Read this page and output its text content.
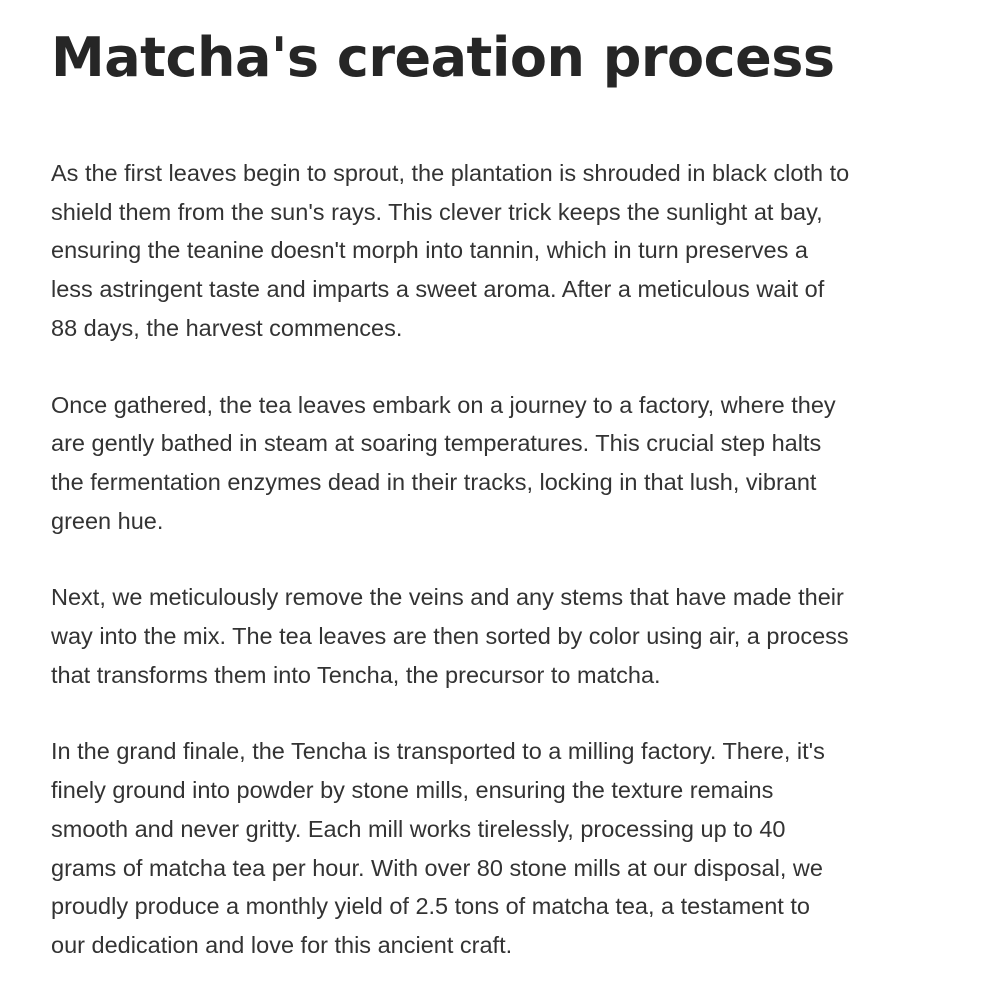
Matcha's creation process

As the first leaves begin to sprout, the plantation is shrouded in black cloth to
shield them from the sun's rays. This clever trick keeps the sunlight at bay,
ensuring the teanine doesn't morph into tannin, which in turn preserves a
less astringent taste and imparts a sweet aroma. After a meticulous wait of
88 days, the harvest commences.

Once gathered, the tea leaves embark on a journey to a factory, where they
are gently bathed in steam at soaring temperatures. This crucial step halts
the fermentation enzymes dead in their tracks, locking in that lush, vibrant
green hue.

Next, we meticulously remove the veins and any stems that have made their
way into the mix. The tea leaves are then sorted by color using air, a process
that transforms them into Tencha, the precursor to matcha.

In the grand finale, the Tencha is transported to a milling factory. There, it's
finely ground into powder by stone mills, ensuring the texture remains
smooth and never gritty. Each mill works tirelessly, processing up to 40
grams of matcha tea per hour. With over 80 stone mills at our disposal, we
proudly produce a monthly yield of 2.5 tons of matcha tea, a testament to
our dedication and love for this ancient craft.
